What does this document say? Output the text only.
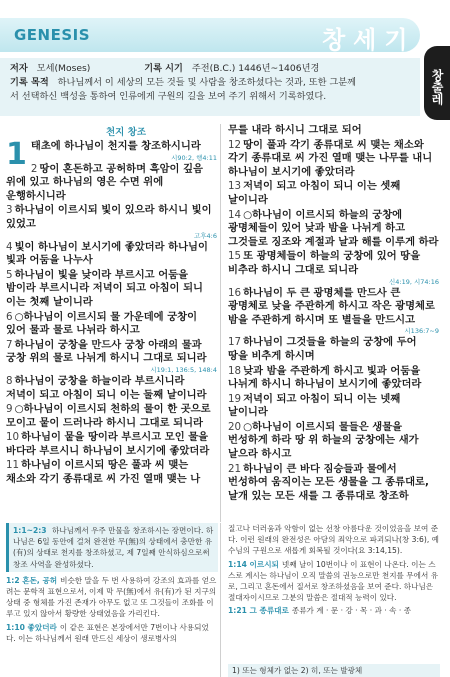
GENESIS	창세기
창출레
저자 모세(Moses)	기록 시기 주전(B.C.) 1446년~1406년경
기록 목적 하나님께서 이 세상의 모든 것들 및 사람을 창조하셨다는 것과, 또한 그분께
서 선택하신 백성을 통하여 인류에게 구원의 길을 보여 주기 위해서 기록하였다.
천지 창조
1 태초에 하나님이 천지를 창조하시니라
시90:2, 행4:11
2 땅이 혼돈하고 공허하며 흑암이 깊음 위에 있고 하나님의 영은 수면 위에 운행하시니라
3 하나님이 이르시되 빛이 있으라 하시니 빛이 있었고
고후4:6
4 빛이 하나님이 보시기에 좋았더라 하나님이 빛과 어둠을 나누사
5 하나님이 빛을 낮이라 부르시고 어둠을 밤이라 부르시니라 저녁이 되고 아침이 되니 이는 첫째 날이니라
6 ○하나님이 이르시되 물 가운데에 궁창이 있어 물과 물로 나뉘라 하시고
7 하나님이 궁창을 만드사 궁창 아래의 물과 궁창 위의 물로 나뉘게 하시니 그대로 되니라
시19:1, 136:5, 148:4
8 하나님이 궁창을 하늘이라 부르시니라 저녁이 되고 아침이 되니 이는 둘째 날이니라
9 ○하나님이 이르시되 천하의 물이 한 곳으로 모이고 뭍이 드러나라 하시니 그대로 되니라
10 하나님이 뭍을 땅이라 부르시고 모인 물을 바다라 부르시니 하나님이 보시기에 좋았더라
11 하나님이 이르시되 땅은 풀과 씨 맺는 채소와 각기 종류대로 씨 가진 열매 맺는 나
무를 내라 하시니 그대로 되어
12 땅이 풀과 각기 종류대로 씨 맺는 채소와 각기 종류대로 씨 가진 열매 맺는 나무를 내니 하나님이 보시기에 좋았더라
13 저녁이 되고 아침이 되니 이는 셋째 날이니라
14 ○하나님이 이르시되 하늘의 궁창에 광명체들이 있어 낮과 밤을 나뉘게 하고 그것들로 징조와 계절과 날과 해를 이루게 하라
15 또 광명체들이 하늘의 궁창에 있어 땅을 비추라 하시니 그대로 되니라
신4:19, 시74:16
16 하나님이 두 큰 광명체를 만드사 큰 광명체로 낮을 주관하게 하시고 작은 광명체로 밤을 주관하게 하시며 또 별들을 만드시고
시136:7~9
17 하나님이 그것들을 하늘의 궁창에 두어 땅을 비추게 하시며
18 낮과 밤을 주관하게 하시고 빛과 어둠을 나뉘게 하시니 하나님이 보시기에 좋았더라
19 저녁이 되고 아침이 되니 이는 넷째 날이니라
20 ○하나님이 이르시되 물들은 생물을 번성하게 하라 땅 위 하늘의 궁창에는 새가 날으라 하시고
21 하나님이 큰 바다 짐승들과 물에서 번성하여 움직이는 모든 생물을 그 종류대로, 날개 있는 모든 새를 그 종류대로 창조하
1:1~2:3 하나님께서 우주 만물을 창조하시는 장면이다. 하나님은 6일 동안에 걸쳐 완전한 무(無)의 상태에서 충만한 유(有)의 상태로 천지를 창조하셨고, 제 7일째 안식하심으로써 창조 사역을 완성하셨다.
1:2 혼돈, 공허 비슷한 말을 두 번 사용하여 강조의 효과를 얻으려는 문학적 표현으로서, 이제 막 무(無)에서 유(有)가 된 지구의 상태 중 형체를 가진 존재가 아무도 없고 또 그것들이 조화를 이루고 있지 않아서 황량한 상태였음을 가리킨다.
1:10 좋았더라 이 같은 표현은 본장에서만 7번이나 사용되었다. 이는 하나님께서 원래 만드신 세상이 생로병사의
질고나 더러움과 악함이 없는 선창 아름다운 것이었음을 보여 준다. 이런 원래의 완전성은 아담의 죄악으로 파괴되나(창 3:6), 예수님의 구원으로 새롭게 회복될 것이다(요 3:14,15).
1:14 이르시되 넷째 날이 10번이나 이 표현이 나온다. 이는 스스로 계시는 하나님이 오직 말씀의 권능으로만 천지를 무에서 유로, 그리고 혼돈에서 질서로 창조하셨음을 보여 준다. 하나님은 절대자이시므로 그분의 말씀은 절대적 능력이 있다.
1:21 그 종류대로 종류가 계 · 문 · 강 · 목 · 과 · 속 · 종
1) 또는 형체가 없는 2) 히, 또는 발광체
